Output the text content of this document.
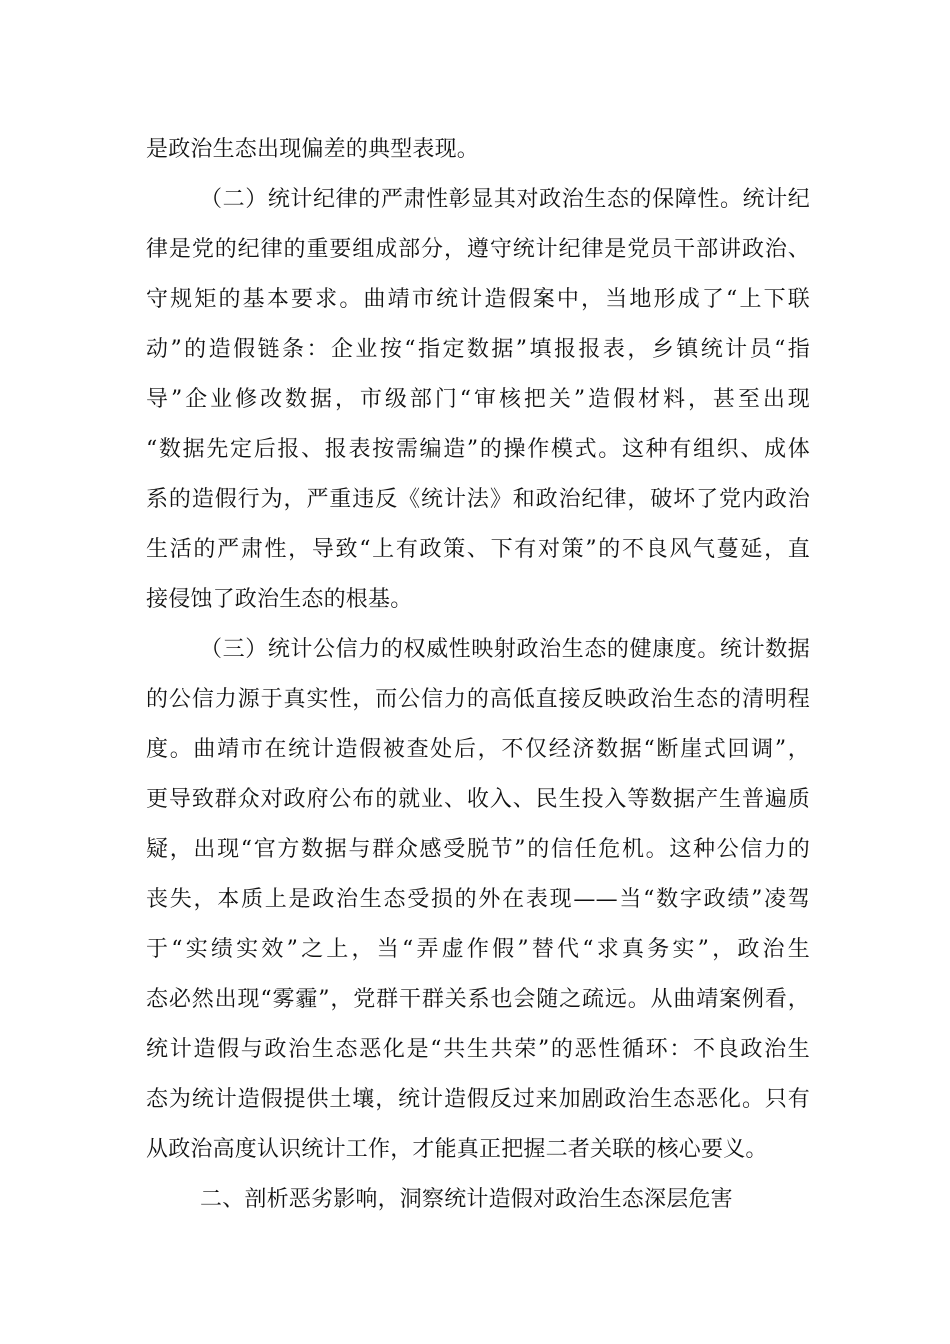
是政治生态出现偏差的典型表现。
（二）统计纪律的严肃性彰显其对政治生态的保障性。统计纪
律是党的纪律的重要组成部分，遵守统计纪律是党员干部讲政治、
守规矩的基本要求。曲靖市统计造假案中，当地形成了“上下联
动”的造假链条：企业按“指定数据”填报报表，乡镇统计员“指
导”企业修改数据，市级部门“审核把关”造假材料，甚至出现
“数据先定后报、报表按需编造”的操作模式。这种有组织、成体
系的造假行为，严重违反《统计法》和政治纪律，破坏了党内政治
生活的严肃性，导致“上有政策、下有对策”的不良风气蔓延，直
接侵蚀了政治生态的根基。
（三）统计公信力的权威性映射政治生态的健康度。统计数据
的公信力源于真实性，而公信力的高低直接反映政治生态的清明程
度。曲靖市在统计造假被查处后，不仅经济数据“断崖式回调”，
更导致群众对政府公布的就业、收入、民生投入等数据产生普遍质
疑，出现“官方数据与群众感受脱节”的信任危机。这种公信力的
丧失，本质上是政治生态受损的外在表现——当“数字政绩”凌驾
于“实绩实效”之上，当“弄虚作假”替代“求真务实”，政治生
态必然出现“雾霾”，党群干群关系也会随之疏远。从曲靖案例看，
统计造假与政治生态恶化是“共生共荣”的恶性循环：不良政治生
态为统计造假提供土壤，统计造假反过来加剧政治生态恶化。只有
从政治高度认识统计工作，才能真正把握二者关联的核心要义。
二、剖析恶劣影响，洞察统计造假对政治生态深层危害
